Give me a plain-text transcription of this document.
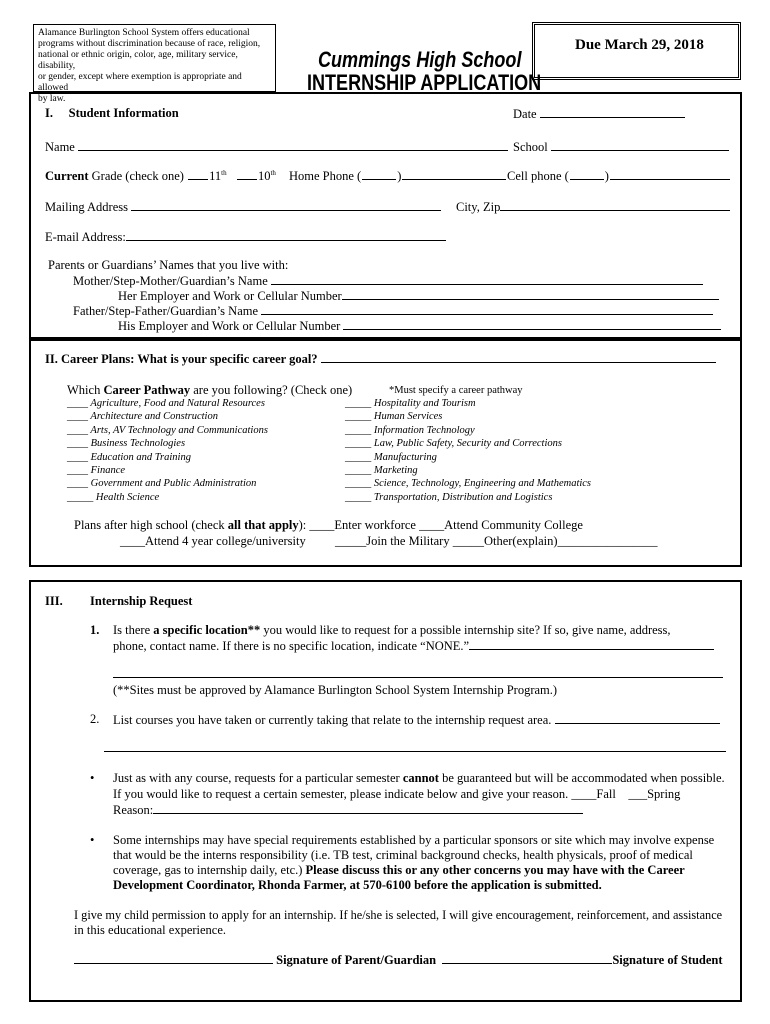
Alamance Burlington School System offers educational
programs without discrimination because of race, religion,
national or ethnic origin, color, age, military service, disability,
or gender, except where exemption is appropriate and allowed
by law.
Cummings High School
INTERNSHIP APPLICATION
Due March 29, 2018
I.     Student Information	Date
Name	School
Current Grade (check one) 11th	10th Home Phone (	)	Cell phone (	)
Mailing Address	City, Zip
E-mail Address:
Parents or Guardians’ Names that you live with:
Mother/Step-Mother/Guardian’s Name
Her Employer and Work or Cellular Number
Father/Step-Father/Guardian’s Name
His Employer and Work or Cellular Number
II. Career Plans: What is your specific career goal?
Which Career Pathway are you following? (Check one)	*Must specify a career pathway
____ Agriculture, Food and Natural Resources
____ Architecture and Construction
____ Arts, AV Technology and Communications
____ Business Technologies
____ Education and Training
____ Finance
____ Government and Public Administration
_____ Health Science
_____ Hospitality and Tourism
_____ Human Services
_____ Information Technology
_____ Law, Public Safety, Security and Corrections
_____ Manufacturing
_____ Marketing
_____ Science, Technology, Engineering and Mathematics
_____ Transportation, Distribution and Logistics
Plans after high school (check all that apply): ____Enter workforce ____Attend Community College
____Attend 4 year college/university _____Join the Military _____Other(explain)________________
III. Internship Request
1. Is there a specific location** you would like to request for a possible internship site? If so, give name, address,
phone, contact name. If there is no specific location, indicate “NONE.”
(**Sites must be approved by Alamance Burlington School System Internship Program.)
2. List courses you have taken or currently taking that relate to the internship request area.
• Just as with any course, requests for a particular semester cannot be guaranteed but will be accommodated when possible.
If you would like to request a certain semester, please indicate below and give your reason. ____Fall ___Spring
Reason:
• Some internships may have special requirements established by a particular sponsors or site which may involve expense
that would be the interns responsibility (i.e. TB test, criminal background checks, health physicals, proof of medical
coverage, gas to internship daily, etc.) Please discuss this or any other concerns you may have with the Career
Development Coordinator, Rhonda Farmer, at 570-6100 before the application is submitted.
I give my child permission to apply for an internship. If he/she is selected, I will give encouragement, reinforcement, and assistance
in this educational experience.
Signature of Parent/Guardian	Signature of Student
